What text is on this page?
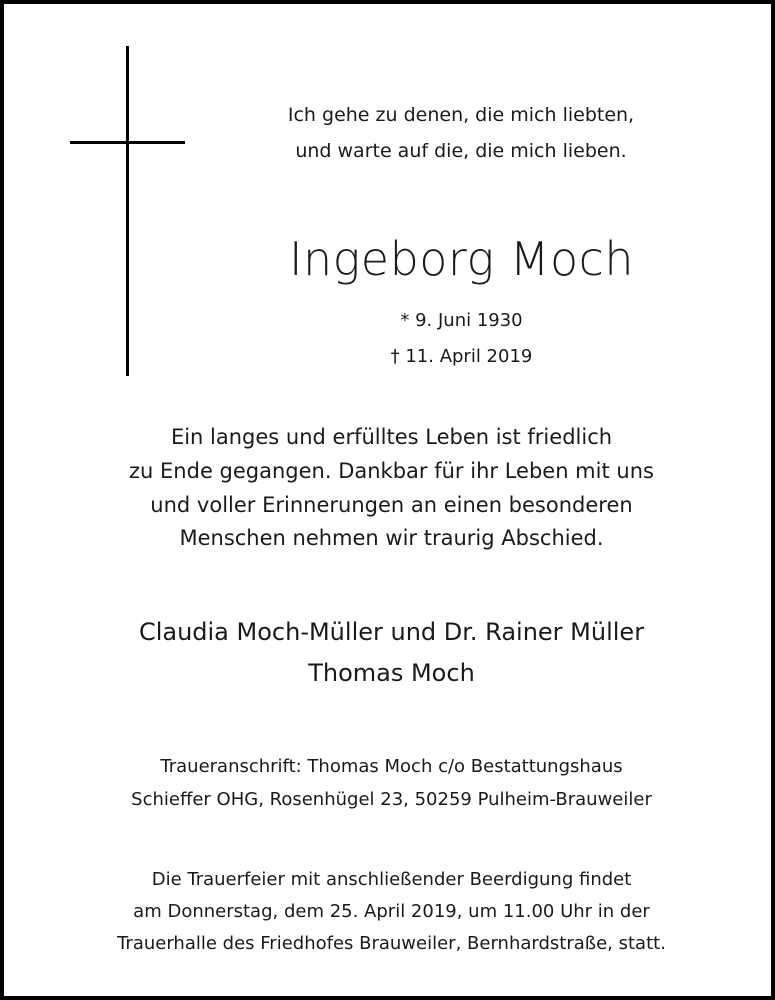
Ich gehe zu denen, die mich liebten,
und warte auf die, die mich lieben.
Ingeborg Moch
* 9. Juni 1930
† 11. April 2019
Ein langes und erfülltes Leben ist friedlich
zu Ende gegangen. Dankbar für ihr Leben mit uns
und voller Erinnerungen an einen besonderen
Menschen nehmen wir traurig Abschied.
Claudia Moch-Müller und Dr. Rainer Müller
Thomas Moch
Traueranschrift: Thomas Moch c/o Bestattungshaus
Schieffer OHG, Rosenhügel 23, 50259 Pulheim-Brauweiler
Die Trauerfeier mit anschließender Beerdigung findet
am Donnerstag, dem 25. April 2019, um 11.00 Uhr in der
Trauerhalle des Friedhofes Brauweiler, Bernhardstraße, statt.
